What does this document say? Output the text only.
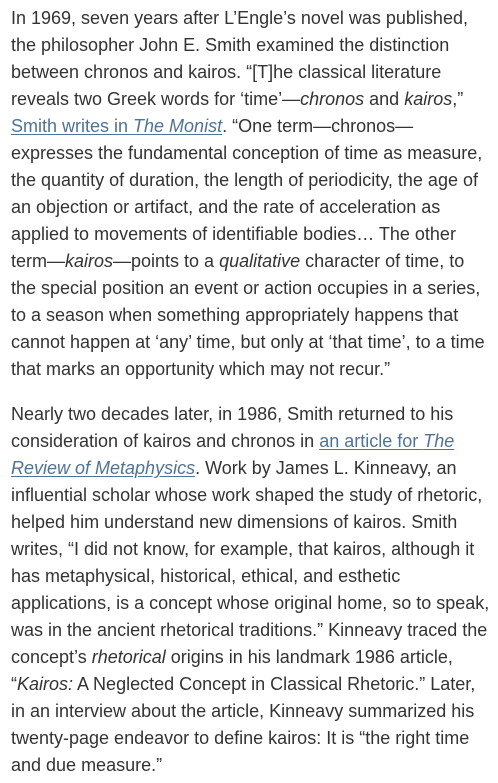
In 1969, seven years after L’Engle’s novel was published,
the philosopher John E. Smith examined the distinction
between chronos and kairos. “[T]he classical literature
reveals two Greek words for ‘time’—chronos and kairos,”
Smith writes in The Monist. “One term—chronos—
expresses the fundamental conception of time as measure,
the quantity of duration, the length of periodicity, the age of
an objection or artifact, and the rate of acceleration as
applied to movements of identifiable bodies… The other
term—kairos—points to a qualitative character of time, to
the special position an event or action occupies in a series,
to a season when something appropriately happens that
cannot happen at ‘any’ time, but only at ‘that time’, to a time
that marks an opportunity which may not recur.”

Nearly two decades later, in 1986, Smith returned to his
consideration of kairos and chronos in an article for The
Review of Metaphysics. Work by James L. Kinneavy, an
influential scholar whose work shaped the study of rhetoric,
helped him understand new dimensions of kairos. Smith
writes, “I did not know, for example, that kairos, although it
has metaphysical, historical, ethical, and esthetic
applications, is a concept whose original home, so to speak,
was in the ancient rhetorical traditions.” Kinneavy traced the
concept’s rhetorical origins in his landmark 1986 article,
“Kairos: A Neglected Concept in Classical Rhetoric.” Later,
in an interview about the article, Kinneavy summarized his
twenty-page endeavor to define kairos: It is “the right time
and due measure.”
